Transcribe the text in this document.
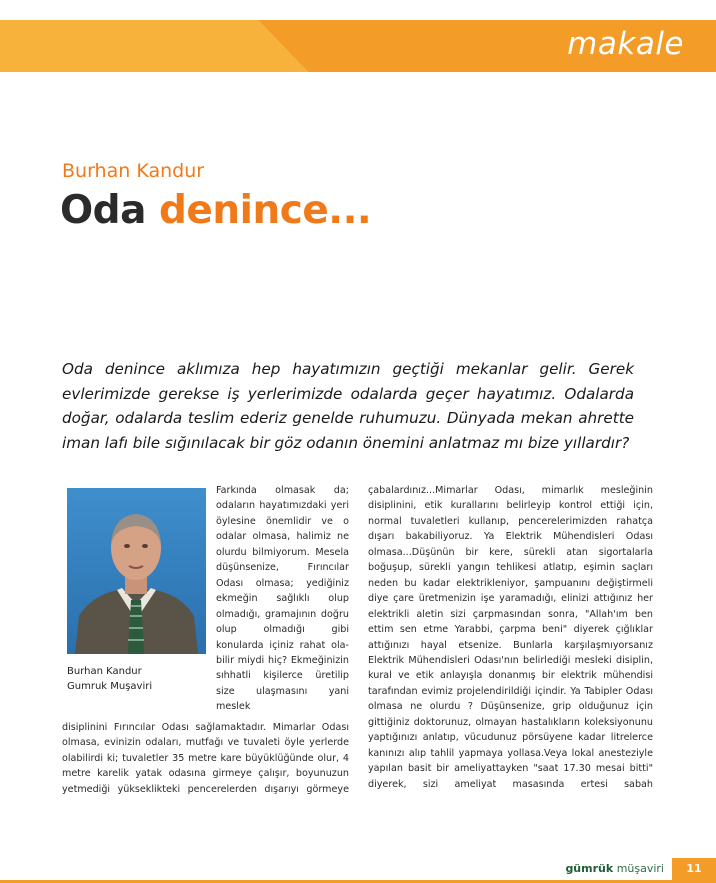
makale
Burhan Kandur
Oda denince...

Oda denince aklımıza hep hayatımızın geçtiği mekanlar gelir. Gerek evlerimizde gerekse iş yerlerimizde odalarda geçer hayatımız. Odalarda doğar, odalarda teslim ederiz genelde ruhumuzu. Dünyada mekan ahrette iman lafı bile sığınılacak bir göz odanın önemini anlatmaz mı bize yıllardır?

Burhan Kandur
Gumruk Muşaviri

Farkında olmasak da; odaların hayatımızdaki yeri öylesine önemlidir ve o odalar olmasa, halimiz ne olurdu bilmiyorum. Mesela düşünsenize, Fırıncılar Odası olmasa; yediğiniz ekmeğin sağlıklı olup olmadığı, gramajının doğru olup olmadığı gibi konularda içiniz rahat ola-bilir miydi hiç? Ekmeğinizin sıhhatli kişilerce üretilip size ulaşmasını yani meslek

disiplinini Fırıncılar Odası sağlamaktadır. Mimarlar Odası olmasa, evinizin odaları, mutfağı ve tuvaleti öyle yerlerde olabilirdi ki; tuvaletler 35 metre kare büyüklüğünde olur, 4 metre karelik yatak odasına girmeye çalışır, boyunuzun yetmediği yükseklikteki pencerelerden dışarıyı görmeye

çabalardınız...Mimarlar Odası, mimarlık mesleğinin disiplinini, etik kurallarını belirleyip kontrol ettiği için, normal tuvaletleri kullanıp, pencerelerimizden rahatça dışarı bakabiliyoruz. Ya Elektrik Mühendisleri Odası olmasa...Düşünün bir kere, sürekli atan sigortalarla boğuşup, sürekli yangın tehlikesi atlatıp, eşimin saçları neden bu kadar elektrikleniyor, şampuanını değiştirmeli diye çare üretmenizin işe yaramadığı, elinizi attığınız her elektrikli aletin sizi çarpmasından sonra, "Allah'ım ben ettim sen etme Yarabbi, çarpma beni" diyerek çığlıklar attığınızı hayal etsenize. Bunlarla karşılaşmıyorsanız Elektrik Mühendisleri Odası'nın belirlediği mesleki disiplin, kural ve etik anlayışla donanmış bir elektrik mühendisi tarafından evimiz projelendirildiği içindir. Ya Tabipler Odası olmasa ne olurdu ? Düşünsenize, grip olduğunuz için gittiğiniz doktorunuz, olmayan hastalıkların koleksiyonunu yaptığınızı anlatıp, vücudunuz pörsüyene kadar litrelerce kanınızı alıp tahlil yapmaya yollasa.Veya lokal anesteziyle yapılan basit bir ameliyattayken "saat 17.30 mesai bitti" diyerek, sizi ameliyat masasında ertesi sabah

gümrük müşaviri	11
